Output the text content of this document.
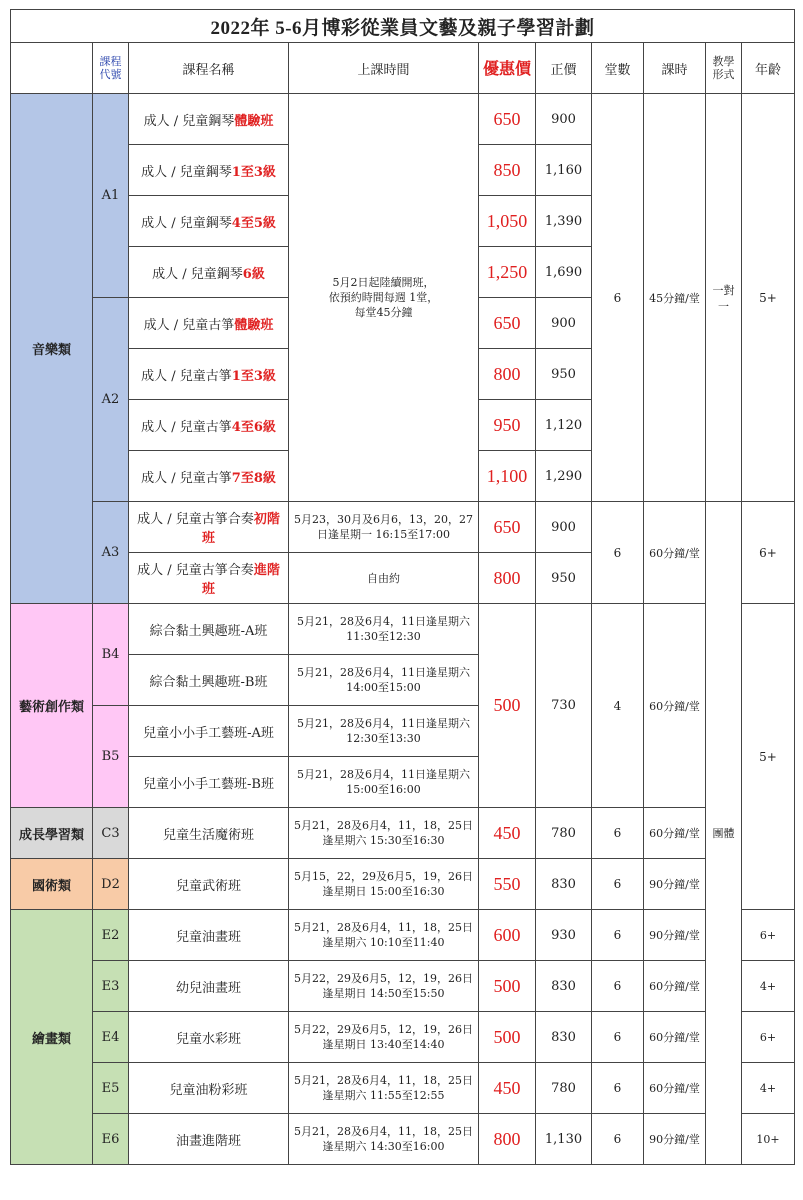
2022年 5-6月博彩從業員文藝及親子學習計劃									
	課程代號	課程名稱	上課時間	優惠價	正價	堂數	課時	教學形式	年齡
音樂類	A1	成人 / 兒童鋼琴體驗班	5月2日起陸續開班，
依預約時間每週 1堂，
每堂45分鐘	650	900	6	45分鐘/堂	一對一	5+
		成人 / 兒童鋼琴1至3級		850	1,160				
		成人 / 兒童鋼琴4至5級		1,050	1,390				
		成人 / 兒童鋼琴6級		1,250	1,690				
	A2	成人 / 兒童古箏體驗班		650	900				
		成人 / 兒童古箏1至3級		800	950				
		成人 / 兒童古箏4至6級		950	1,120				
		成人 / 兒童古箏7至8級		1,100	1,290				
	A3	成人 / 兒童古箏合奏初階班	5月23，30月及6月6，13，20，27日逢星期一 16:15至17:00	650	900	6	60分鐘/堂	團體	6+
		成人 / 兒童古箏合奏進階班	自由約	800	950				
藝術創作類	B4	綜合黏土興趣班-A班	5月21，28及6月4，11日逢星期六 11:30至12:30	500	730	4	60分鐘/堂		5+
		綜合黏土興趣班-B班	5月21，28及6月4，11日逢星期六 14:00至15:00						
	B5	兒童小小手工藝班-A班	5月21，28及6月4，11日逢星期六 12:30至13:30						
		兒童小小手工藝班-B班	5月21，28及6月4，11日逢星期六 15:00至16:00						
成長學習類	C3	兒童生活魔術班	5月21，28及6月4，11，18，25日逢星期六 15:30至16:30	450	780	6	60分鐘/堂		
國術類	D2	兒童武術班	5月15，22，29及6月5，19，26日逢星期日 15:00至16:30	550	830	6	90分鐘/堂		
繪畫類	E2	兒童油畫班	5月21，28及6月4，11，18，25日逢星期六 10:10至11:40	600	930	6	90分鐘/堂		6+
	E3	幼兒油畫班	5月22，29及6月5，12，19，26日逢星期日 14:50至15:50	500	830	6	60分鐘/堂		4+
	E4	兒童水彩班	5月22，29及6月5，12，19，26日逢星期日 13:40至14:40	500	830	6	60分鐘/堂		6+
	E5	兒童油粉彩班	5月21，28及6月4，11，18，25日逢星期六 11:55至12:55	450	780	6	60分鐘/堂		4+
	E6	油畫進階班	5月21，28及6月4，11，18，25日逢星期六 14:30至16:00	800	1,130	6	90分鐘/堂		10+
